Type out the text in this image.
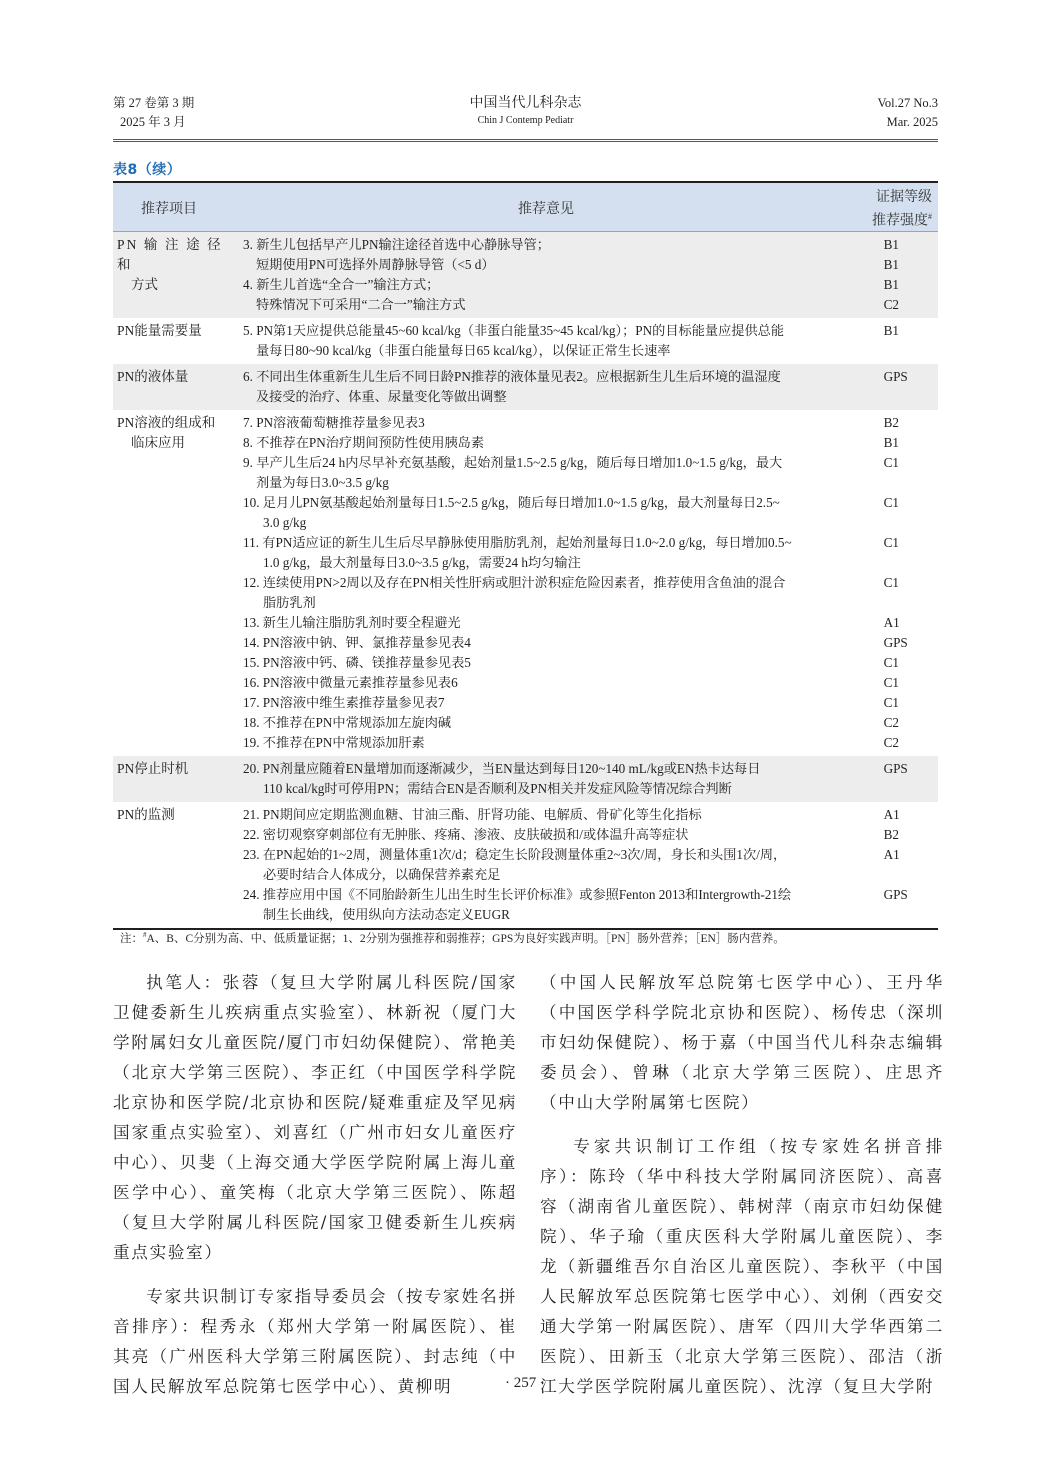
第 27 卷第 3 期
2025 年 3 月
中国当代儿科杂志
Chin J Contemp Pediatr
Vol.27 No.3
Mar. 2025
表8（续）
推荐项目	推荐意见
证据等级
推荐强度#
PN 输 注 途 径 和
方式
3. 新生儿包括早产儿PN输注途径首选中心静脉导管；	B1
短期使用PN可选择外周静脉导管（<5 d）	B1
4. 新生儿首选“全合一”输注方式；	B1
特殊情况下可采用“二合一”输注方式	C2
PN能量需要量	5. PN第1天应提供总能量45~60 kcal/kg（非蛋白能量35~45 kcal/kg）；PN的目标能量应提供总能	B1
量每日80~90 kcal/kg（非蛋白能量每日65 kcal/kg），以保证正常生长速率
PN的液体量	6. 不同出生体重新生儿生后不同日龄PN推荐的液体量见表2。应根据新生儿生后环境的温湿度	GPS
及接受的治疗、体重、尿量变化等做出调整
PN溶液的组成和
临床应用
7. PN溶液葡萄糖推荐量参见表3	B2
8. 不推荐在PN治疗期间预防性使用胰岛素	B1
9. 早产儿生后24 h内尽早补充氨基酸，起始剂量1.5~2.5 g/kg，随后每日增加1.0~1.5 g/kg，最大	C1
剂量为每日3.0~3.5 g/kg
10. 足月儿PN氨基酸起始剂量每日1.5~2.5 g/kg，随后每日增加1.0~1.5 g/kg，最大剂量每日2.5~	C1
3.0 g/kg
11. 有PN适应证的新生儿生后尽早静脉使用脂肪乳剂，起始剂量每日1.0~2.0 g/kg，每日增加0.5~	C1
1.0 g/kg，最大剂量每日3.0~3.5 g/kg，需要24 h均匀输注
12. 连续使用PN>2周以及存在PN相关性肝病或胆汁淤积症危险因素者，推荐使用含鱼油的混合	C1
脂肪乳剂
13. 新生儿输注脂肪乳剂时要全程避光	A1
14. PN溶液中钠、钾、氯推荐量参见表4	GPS
15. PN溶液中钙、磷、镁推荐量参见表5	C1
16. PN溶液中微量元素推荐量参见表6	C1
17. PN溶液中维生素推荐量参见表7	C1
18. 不推荐在PN中常规添加左旋肉碱	C2
19. 不推荐在PN中常规添加肝素	C2
PN停止时机	20. PN剂量应随着EN量增加而逐渐减少，当EN量达到每日120~140 mL/kg或EN热卡达每日	GPS
110 kcal/kg时可停用PN；需结合EN是否顺利及PN相关并发症风险等情况综合判断
PN的监测	21. PN期间应定期监测血糖、甘油三酯、肝肾功能、电解质、骨矿化等生化指标	A1
22. 密切观察穿刺部位有无肿胀、疼痛、渗液、皮肤破损和/或体温升高等症状	B2
23. 在PN起始的1~2周，测量体重1次/d；稳定生长阶段测量体重2~3次/周，身长和头围1次/周，	A1
必要时结合人体成分，以确保营养素充足
24. 推荐应用中国《不同胎龄新生儿出生时生长评价标准》或参照Fenton 2013和Intergrowth-21绘	GPS
制生长曲线，使用纵向方法动态定义EUGR
注：#A、B、C分别为高、中、低质量证据；1、2分别为强推荐和弱推荐；GPS为良好实践声明。［PN］肠外营养；［EN］肠内营养。

执笔人：张蓉（复旦大学附属儿科医院/国家卫健委新生儿疾病重点实验室）、林新祝（厦门大学附属妇女儿童医院/厦门市妇幼保健院）、常艳美（北京大学第三医院）、李正红（中国医学科学院北京协和医学院/北京协和医院/疑难重症及罕见病国家重点实验室）、刘喜红（广州市妇女儿童医疗中心）、贝斐（上海交通大学医学院附属上海儿童医学中心）、童笑梅（北京大学第三医院）、陈超（复旦大学附属儿科医院/国家卫健委新生儿疾病重点实验室）

专家共识制订专家指导委员会（按专家姓名拼音排序）：程秀永（郑州大学第一附属医院）、崔其亮（广州医科大学第三附属医院）、封志纯（中国人民解放军总院第七医学中心）、黄柳明

（中国人民解放军总院第七医学中心）、王丹华（中国医学科学院北京协和医院）、杨传忠（深圳市妇幼保健院）、杨于嘉（中国当代儿科杂志编辑委员会）、曾琳（北京大学第三医院）、庄思齐（中山大学附属第七医院）

专家共识制订工作组（按专家姓名拼音排序）：陈玲（华中科技大学附属同济医院）、高喜容（湖南省儿童医院）、韩树萍（南京市妇幼保健院）、华子瑜（重庆医科大学附属儿童医院）、李龙（新疆维吾尔自治区儿童医院）、李秋平（中国人民解放军总医院第七医学中心）、刘俐（西安交通大学第一附属医院）、唐军（四川大学华西第二医院）、田新玉（北京大学第三医院）、邵洁（浙江大学医学院附属儿童医院）、沈淳（复旦大学附

· 257 ·
